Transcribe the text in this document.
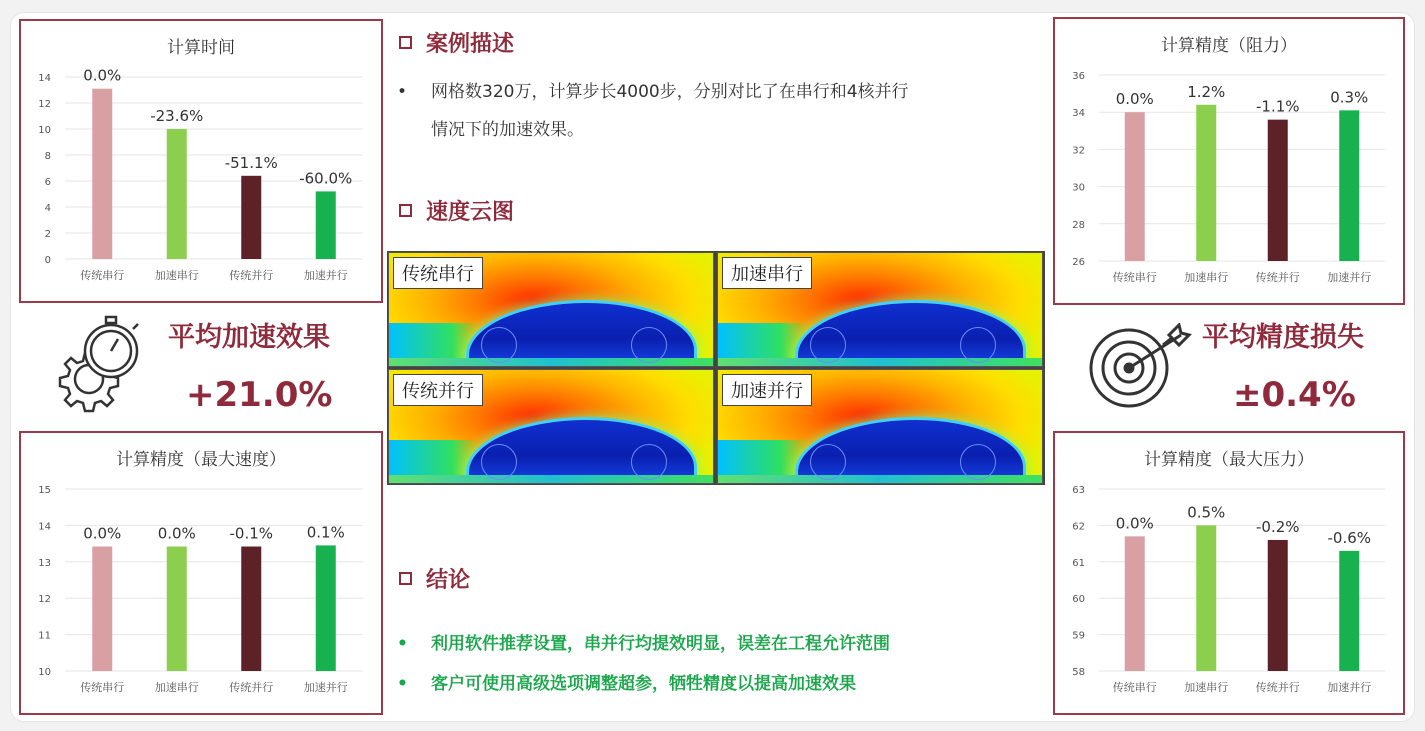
计算时间
0
2
4
6
8
10
12
14 0.0%
传统串行
-23.6%
加速串行
-51.1%
传统并行
-60.0%
加速并行
计算精度（阻力）
26
28
30
32
34
36
0.0%
传统串行
1.2%
加速串行
-1.1%
传统并行
0.3%
加速并行
计算精度（最大速度）
10
11
12
13
14
15
0.0%
传统串行
0.0%
加速串行
-0.1%
传统并行
0.1%
加速并行
计算精度（最大压力）
58
59
60
61
62
63
0.0%
传统串行
0.5%
加速串行
-0.2%
传统并行
-0.6%
加速并行
平均加速效果
+21.0%
平均精度损失
±0.4%
案例描述
• 网格数320万，计算步长4000步，分别对比了在串行和4核并行
情况下的加速效果。
速度云图
传统串行	加速串行
传统并行	加速并行
结论
•	利用软件推荐设置，串并行均提效明显，误差在工程允许范围
•	客户可使用高级选项调整超参，牺牲精度以提高加速效果
